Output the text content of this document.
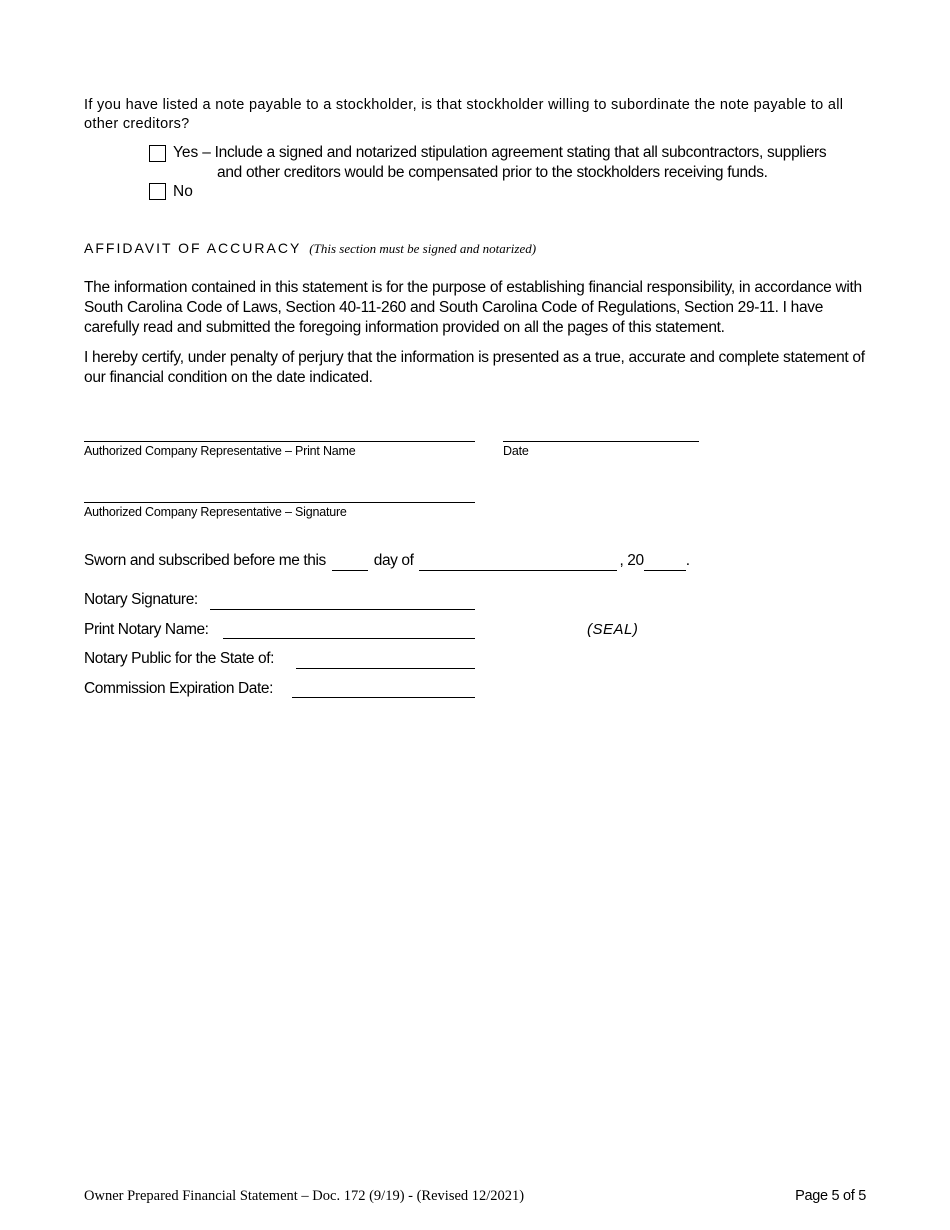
If you have listed a note payable to a stockholder, is that stockholder willing to subordinate the note payable to all other creditors?
Yes – Include a signed and notarized stipulation agreement stating that all subcontractors, suppliers
and other creditors would be compensated prior to the stockholders receiving funds.
No
AFFIDAVIT OF ACCURACY (This section must be signed and notarized)
The information contained in this statement is for the purpose of establishing financial responsibility, in accordance with South Carolina Code of Laws, Section 40-11-260 and South Carolina Code of Regulations, Section 29-11. I have carefully read and submitted the foregoing information provided on all the pages of this statement.
I hereby certify, under penalty of perjury that the information is presented as a true, accurate and complete statement of our financial condition on the date indicated.
Authorized Company Representative – Print Name	Date
Authorized Company Representative – Signature
Sworn and subscribed before me this	day of	, 20	.
Notary Signature:
Print Notary Name:	(SEAL)
Notary Public for the State of:
Commission Expiration Date:
Owner Prepared Financial Statement – Doc. 172 (9/19) - (Revised 12/2021)	Page 5 of 5
